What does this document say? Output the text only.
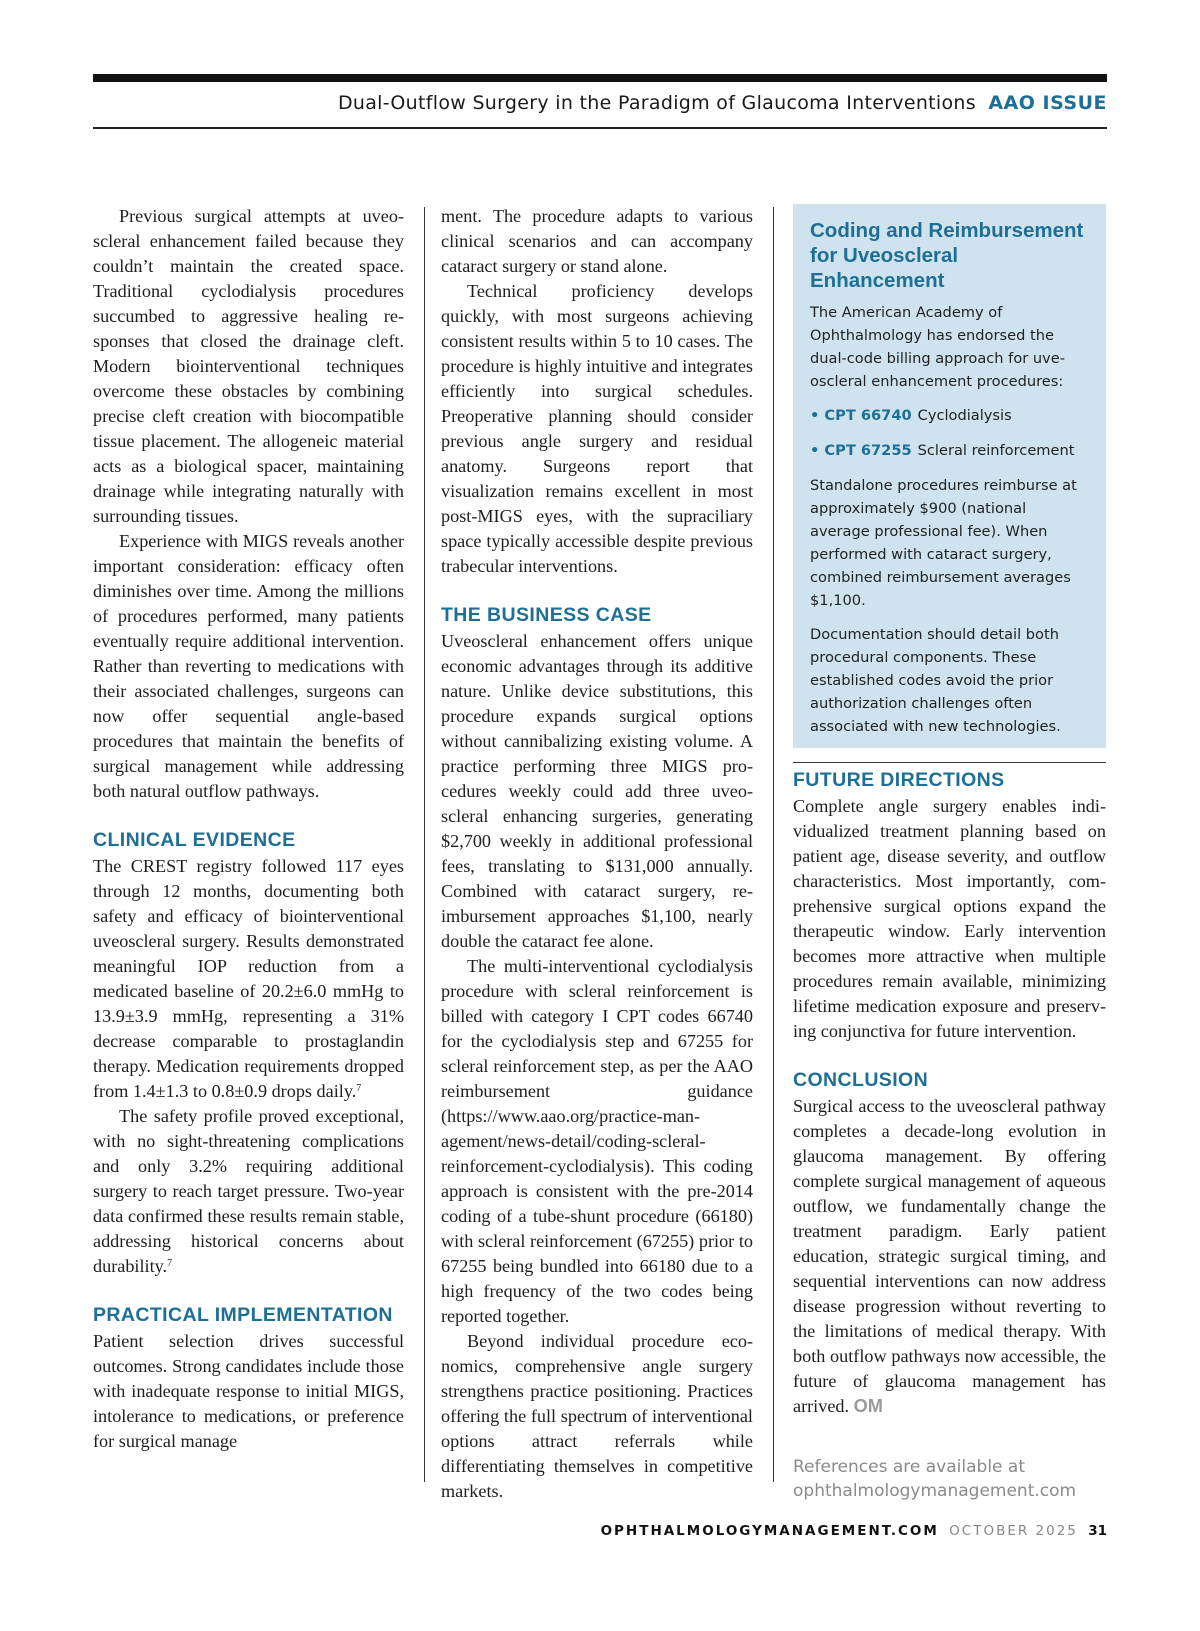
Dual-Outflow Surgery in the Paradigm of Glaucoma Interventions AAO ISSUE

Previous surgical attempts at uveoscleral enhancement failed because they couldn’t maintain the created space. Traditional cyclodialysis procedures succumbed to aggressive healing responses that closed the drainage cleft. Modern biointerventional techniques overcome these obstacles by combining precise cleft creation with biocompatible tissue placement. The allogeneic material acts as a biological spacer, maintaining drainage while integrating naturally with surrounding tissues.

Experience with MIGS reveals another important consideration: efficacy often diminishes over time. Among the millions of procedures performed, many patients eventually require additional intervention. Rather than reverting to medications with their associated challenges, surgeons can now offer sequential angle-based procedures that maintain the benefits of surgical management while addressing both natural outflow pathways.

CLINICAL EVIDENCE

The CREST registry followed 117 eyes through 12 months, documenting both safety and efficacy of biointerventional uveoscleral surgery. Results demonstrated meaningful IOP reduction from a medicated baseline of 20.2±6.0 mmHg to 13.9±3.9 mmHg, representing a 31% decrease comparable to prostaglandin therapy. Medication requirements dropped from 1.4±1.3 to 0.8±0.9 drops daily.$^7$

The safety profile proved exceptional, with no sight-threatening complications and only 3.2% requiring additional surgery to reach target pressure. Two-year data confirmed these results remain stable, addressing historical concerns about durability.$^7$

PRACTICAL IMPLEMENTATION

Patient selection drives successful outcomes. Strong candidates include those with inadequate response to initial MIGS, intolerance to medications, or preference for surgical manage

ment. The procedure adapts to various clinical scenarios and can accompany cataract surgery or stand alone.

Technical proficiency develops quickly, with most surgeons achieving consistent results within 5 to 10 cases. The procedure is highly intuitive and integrates efficiently into surgical schedules. Preoperative planning should consider previous angle surgery and residual anatomy. Surgeons report that visualization remains excellent in most post-MIGS eyes, with the supraciliary space typically accessible despite previous trabecular interventions.

THE BUSINESS CASE

Uveoscleral enhancement offers unique economic advantages through its additive nature. Unlike device substitutions, this procedure expands surgical options without cannibalizing existing volume. A practice performing three MIGS procedures weekly could add three uveoscleral enhancing surgeries, generating $2,700 weekly in additional professional fees, translating to $131,000 annually. Combined with cataract surgery, reimbursement approaches $1,100, nearly double the cataract fee alone.

The multi-interventional cyclodialysis procedure with scleral reinforcement is billed with category I CPT codes 66740 for the cyclodialysis step and 67255 for scleral reinforcement step, as per the AAO reimbursement guidance (https://www.aao.org/practice-management/news-detail/coding-scleral-reinforcement-cyclodialysis). This coding approach is consistent with the pre-2014 coding of a tube-shunt procedure (66180) with scleral reinforcement (67255) prior to 67255 being bundled into 66180 due to a high frequency of the two codes being reported together.

Beyond individual procedure economics, comprehensive angle surgery strengthens practice positioning. Practices offering the full spectrum of interventional options attract referrals while differentiating themselves in competitive markets.

Coding and Reimbursement for Uveoscleral Enhancement

The American Academy of Ophthalmology has endorsed the dual-code billing approach for uveoscleral enhancement procedures:

• CPT 66740 Cyclodialysis
• CPT 67255 Scleral reinforcement

Standalone procedures reimburse at approximately $900 (national average professional fee). When performed with cataract surgery, combined reimbursement averages $1,100.

Documentation should detail both procedural components. These established codes avoid the prior authorization challenges often associated with new technologies.

FUTURE DIRECTIONS

Complete angle surgery enables individualized treatment planning based on patient age, disease severity, and outflow characteristics. Most importantly, comprehensive surgical options expand the therapeutic window. Early intervention becomes more attractive when multiple procedures remain available, minimizing lifetime medication exposure and preserving conjunctiva for future intervention.

CONCLUSION

Surgical access to the uveoscleral pathway completes a decade-long evolution in glaucoma management. By offering complete surgical management of aqueous outflow, we fundamentally change the treatment paradigm. Early patient education, strategic surgical timing, and sequential interventions can now address disease progression without reverting to the limitations of medical therapy. With both outflow pathways now accessible, the future of glaucoma management has arrived. OM

References are available at
ophthalmologymanagement.com
OPHTHALMOLOGYMANAGEMENT.COM OCTOBER 2025 31
